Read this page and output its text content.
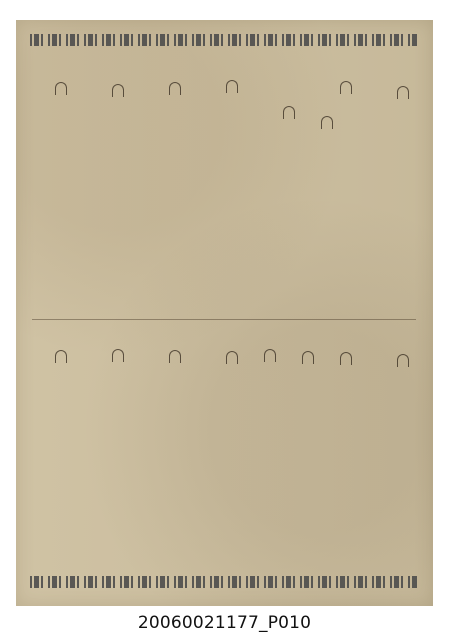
20060021177_P010
